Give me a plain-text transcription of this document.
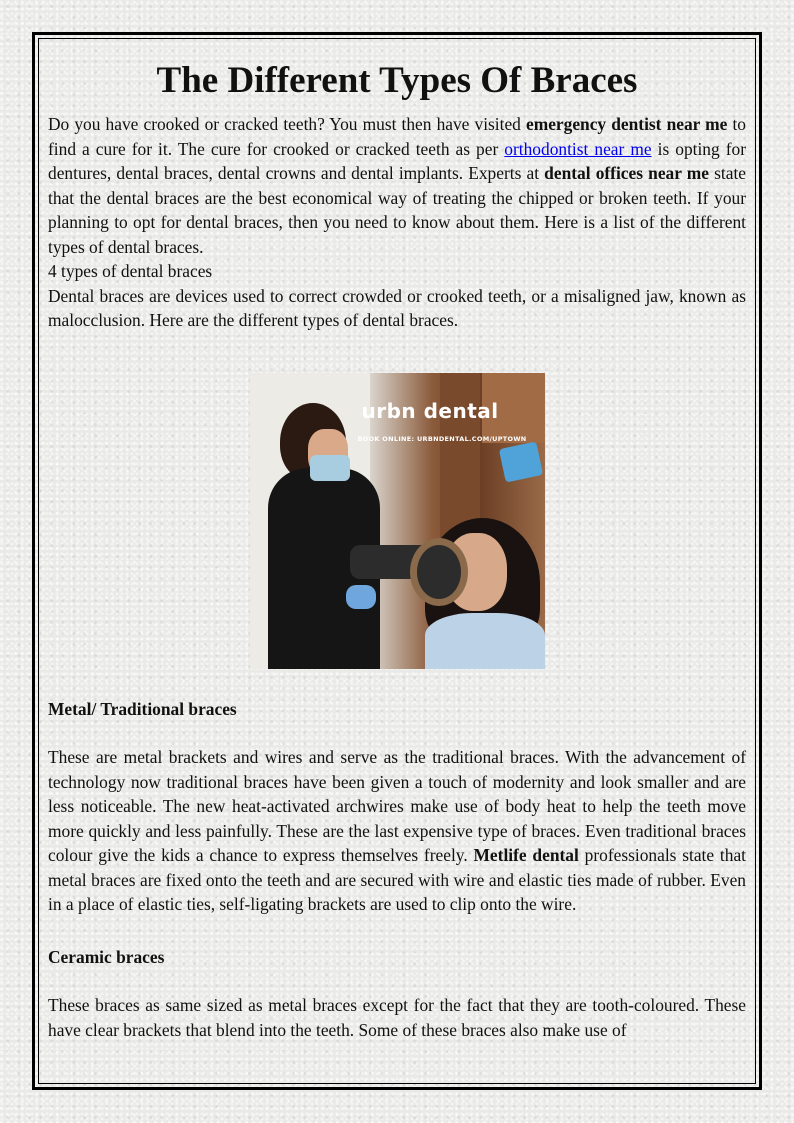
The Different Types Of Braces

Do you have crooked or cracked teeth? You must then have visited emergency dentist near me to find a cure for it. The cure for crooked or cracked teeth as per orthodontist near me is opting for dentures, dental braces, dental crowns and dental implants. Experts at dental offices near me state that the dental braces are the best economical way of treating the chipped or broken teeth. If your planning to opt for dental braces, then you need to know about them. Here is a list of the different types of dental braces.

4 types of dental braces

Dental braces are devices used to correct crowded or crooked teeth, or a misaligned jaw, known as malocclusion. Here are the different types of dental braces.

urbn dental
BOOK ONLINE: URBNDENTAL.COM/UPTOWN

Metal/ Traditional braces

These are metal brackets and wires and serve as the traditional braces. With the advancement of technology now traditional braces have been given a touch of modernity and look smaller and are less noticeable. The new heat-activated archwires make use of body heat to help the teeth move more quickly and less painfully. These are the last expensive type of braces. Even traditional braces colour give the kids a chance to express themselves freely. Metlife dental professionals state that metal braces are fixed onto the teeth and are secured with wire and elastic ties made of rubber. Even in a place of elastic ties, self-ligating brackets are used to clip onto the wire.

Ceramic braces

These braces as same sized as metal braces except for the fact that they are tooth-coloured. These have clear brackets that blend into the teeth. Some of these braces also make use of
